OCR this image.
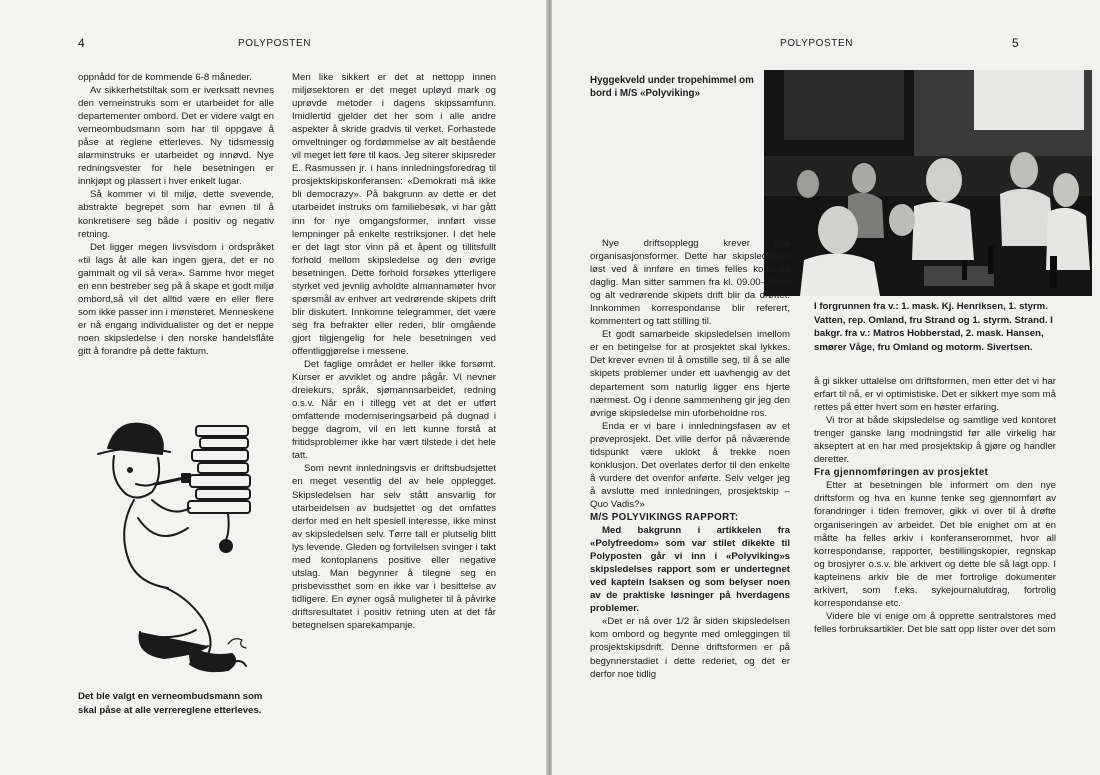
4	POLYPOSTEN

oppnådd for de kommende 6-8 måneder.

Av sikkerhetstiltak som er iverksatt nevnes den verneinstruks som er utarbeidet for alle departementer ombord. Det er videre valgt en verneombudsmann som har til oppgave å påse at reglene etterleves. Ny tidsmessig alarminstruks er utarbeidet og innøvd. Nye redningsvester for hele besetningen er innkjøpt og plassert i hver enkelt lugar.

Så kommer vi til miljø, dette svevende, abstrakte begrepet som har evnen til å konkretisere seg både i positiv og negativ retning.

Det ligger megen livsvisdom i ordspråket «til lags åt alle kan ingen gjera, det er no gammalt og vil så vera». Samme hvor meget en enn bestreber seg på å skape et godt miljø ombord,så vil det alltid være en eller flere som ikke passer inn i mønsteret. Menneskene er nå engang individualister og det er neppe noen skipsledelse i den norske handelsflåte gitt å forandre på dette faktum.

Det ble valgt en verneombudsmann som skal påse at alle verrereglene etterleves.

Men like sikkert er det at nettopp innen miljøsektoren er det meget upløyd mark og uprøvde metoder i dagens skipssamfunn. Imidlertid gjelder det her som i alle andre aspekter å skride gradvis til verket. Forhastede omveltninger og fordømmelse av alt bestående vil meget lett føre til kaos. Jeg siterer skipsreder E. Rasmussen jr. i hans innledningsforedrag til prosjektskipskonferansen: «Demokrati må ikke bli democrazy». På bakgrunn av dette er det utarbeidet instruks om familiebesøk, vi har gått inn for nye omgangsformer, innført visse lempninger på enkelte restriksjoner. I det hele er det lagt stor vinn på et åpent og tillitsfullt forhold mellom skipsledelse og den øvrige besetningen. Dette forhold forsøkes ytterligere styrket ved jevnlig avholdte almannamøter hvor spørsmål av enhver art vedrørende skipets drift blir diskutert. Innkomne telegrammer, det være seg fra befrakter eller rederi, blir omgående gjort tilgjengelig for hele besetningen ved offentliggjørelse i messene.

Det faglige området er heller ikke forsømt. Kurser er avviklet og andre pågår. Vi nevner dreiekurs, språk, sjømannsarbeidet, redning o.s.v. Når en i tillegg vet at det er utført omfattende moderniseringsarbeid på dugnad i begge dagrom, vil en lett kunne forstå at fritidsproblemer ikke har vært tilstede i det hele tatt.

Som nevnt innledningsvis er driftsbudsjettet en meget vesentlig del av hele opplegget. Skipsledelsen har selv stått ansvarlig for utarbeidelsen av budsjettet og det omfattes derfor med en helt spesiell interesse, ikke minst av skipsledelsen selv. Tørre tall er plutselig blitt lys levende. Gleden og fortvilelsen svinger i takt med kontoplanens positive eller negative utslag. Man begynner å tilegne seg en prisbevissthet som en ikke var i besittelse av tidligere. En øyner også muligheter til å påvirke driftsresultatet i positiv retning uten at det får betegnelsen sparekampanje.

POLYPOSTEN	5
Hyggekveld under tropehimmel om bord i M/S «Polyviking»

Nye driftsopplegg krever nye organisasjonsformer. Dette har skipsledelsen løst ved å innføre en times felles kontortid daglig. Man sitter sammen fra kl. 09.00–10.00 og alt vedrørende skipets drift blir da drøftet. Innkommen korrespondanse blir referert, kommentert og tatt stilling til.

Et godt samarbeide skipsledelsen imellom er en betingelse for at prosjektet skal lykkes. Det krever evnen til å omstille seg, til å se alle skipets problemer under ett uavhengig av det departement som naturlig ligger ens hjerte nærmest. Og i denne sammenheng gir jeg den øvrige skipsledelse min uforbeholdne ros.

Enda er vi bare i innledningsfasen av et prøveprosjekt. Det ville derfor på nåværende tidspunkt være uklokt å trekke noen konklusjon. Det overlates derfor til den enkelte å vurdere det ovenfor anførte. Selv velger jeg å avslutte med innledningen, prosjektskip – Quo Vadis?»

M/S POLYVIKINGS RAPPORT:

Med bakgrunn i artikkelen fra «Polyfreedom» som var stilet dikekte til Polyposten går vi inn i «Polyviking»s skipsledelses rapport som er undertegnet ved kaptein Isaksen og som belyser noen av de praktiske løsninger på hverdagens problemer.

«Det er nå over 1/2 år siden skipsledelsen kom ombord og begynte med omleggingen til prosjektskipsdrift. Denne driftsformen er på begynnerstadiet i dette rederiet, og det er derfor noe tidlig

I forgrunnen fra v.: 1. mask. Kj. Henriksen, 1. styrm. Vatten, rep. Omland, fru Strand og 1. styrm. Strand. I bakgr. fra v.: Matros Hobberstad, 2. mask. Hansen, smører Våge, fru Omland og motorm. Sivertsen.

å gi sikker uttalelse om driftsformen, men etter det vi har erfart til nå, er vi optimistiske. Det er sikkert mye som må rettes på etter hvert som en høster erfaring.

Vi tror at både skipsledelse og samtlige ved kontoret trenger ganske lang modningstid før alle virkelig har akseptert at en har med prosjektskip å gjøre og handler deretter.

Fra gjennomføringen av prosjektet

Etter at besetningen ble informert om den nye driftsform og hva en kunne tenke seg gjennomført av forandringer i tiden fremover, gikk vi over til å drøfte organiseringen av arbeidet. Det ble enighet om at en måtte ha felles arkiv i konferanserommet, hvor all korrespondanse, rapporter, bestillingskopier, regnskap og brosjyrer o.s.v. ble arkivert og dette ble så lagt opp. I kapteinens arkiv ble de mer fortrolige dokumenter arkivert, som f.eks. sykejournalutdrag, fortrolig korrespondanse etc.

Videre ble vi enige om å opprette sentralstores med felles forbruksartikler. Det ble satt opp lister over det som
